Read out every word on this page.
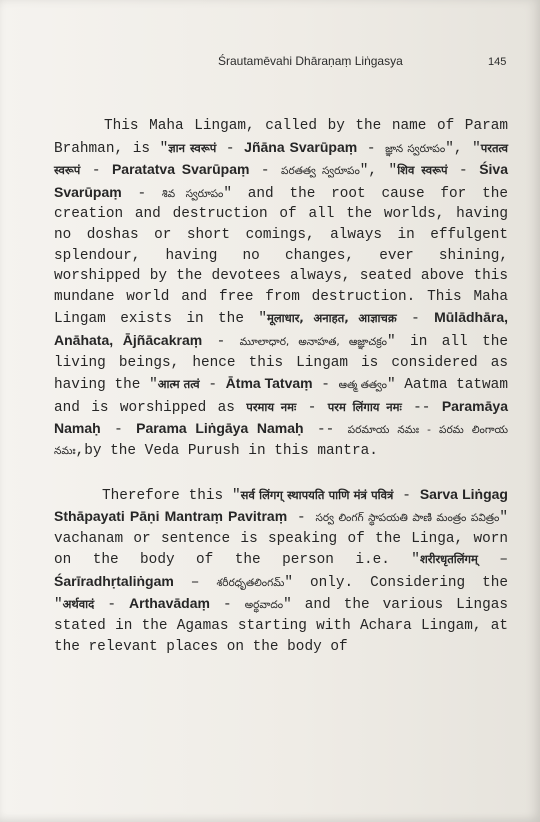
Śrautamēvahi Dhāraṇaṃ Liṅgasya	145

This Maha Lingam, called by the name of Param Brahman, is "ज्ञान स्वरूपं - Jñāna Svarūpaṃ - జ్ఞాన స్వరూపం", "परतत्व स्वरूपं - Paratatva Svarūpaṃ - పరతత్వ స్వరూపం", "शिव स्वरूपं - Śiva Svarūpaṃ - శివ స్వరూపం" and the root cause for the creation and destruction of all the worlds, having no doshas or short comings, always in effulgent splendour, having no changes, ever shining, worshipped by the devotees always, seated above this mundane world and free from destruction. This Maha Lingam exists in the "मूलाधार, अनाहत, आज्ञाचक्र - Mūlādhāra, Anāhata, Ājñācakraṃ - మూలాధార, అనాహత, ఆజ్ఞాచక్రం" in all the living beings, hence this Lingam is considered as having the "आत्म तत्वं - Ātma Tatvaṃ - ఆత్మ తత్వం" Aatma tatwam and is worshipped as परमाय नमः - परम लिंगाय नमः -- Paramāya Namaḥ - Parama Liṅgāya Namaḥ -- పరమాయ నమః - పరమ లింగాయ నమః,by the Veda Purush in this mantra.

Therefore this "सर्व लिंगग् स्थापयति पाणि मंत्रं पवित्रं - Sarva Liṅgag Sthāpayati Pāṇi Mantraṃ Pavitraṃ - సర్వ లింగగ్ స్థాపయతి పాణి మంత్రం పవిత్రం" vachanam or sentence is speaking of the Linga, worn on the body of the person i.e. "शरीरधृतलिंगम् – Śarīradhṛtaliṅgam – శరీరధృతలింగమ్" only. Considering the "अर्थवादं - Arthavādaṃ - అర్థవాదం" and the various Lingas stated in the Agamas starting with Achara Lingam, at the relevant places on the body of
